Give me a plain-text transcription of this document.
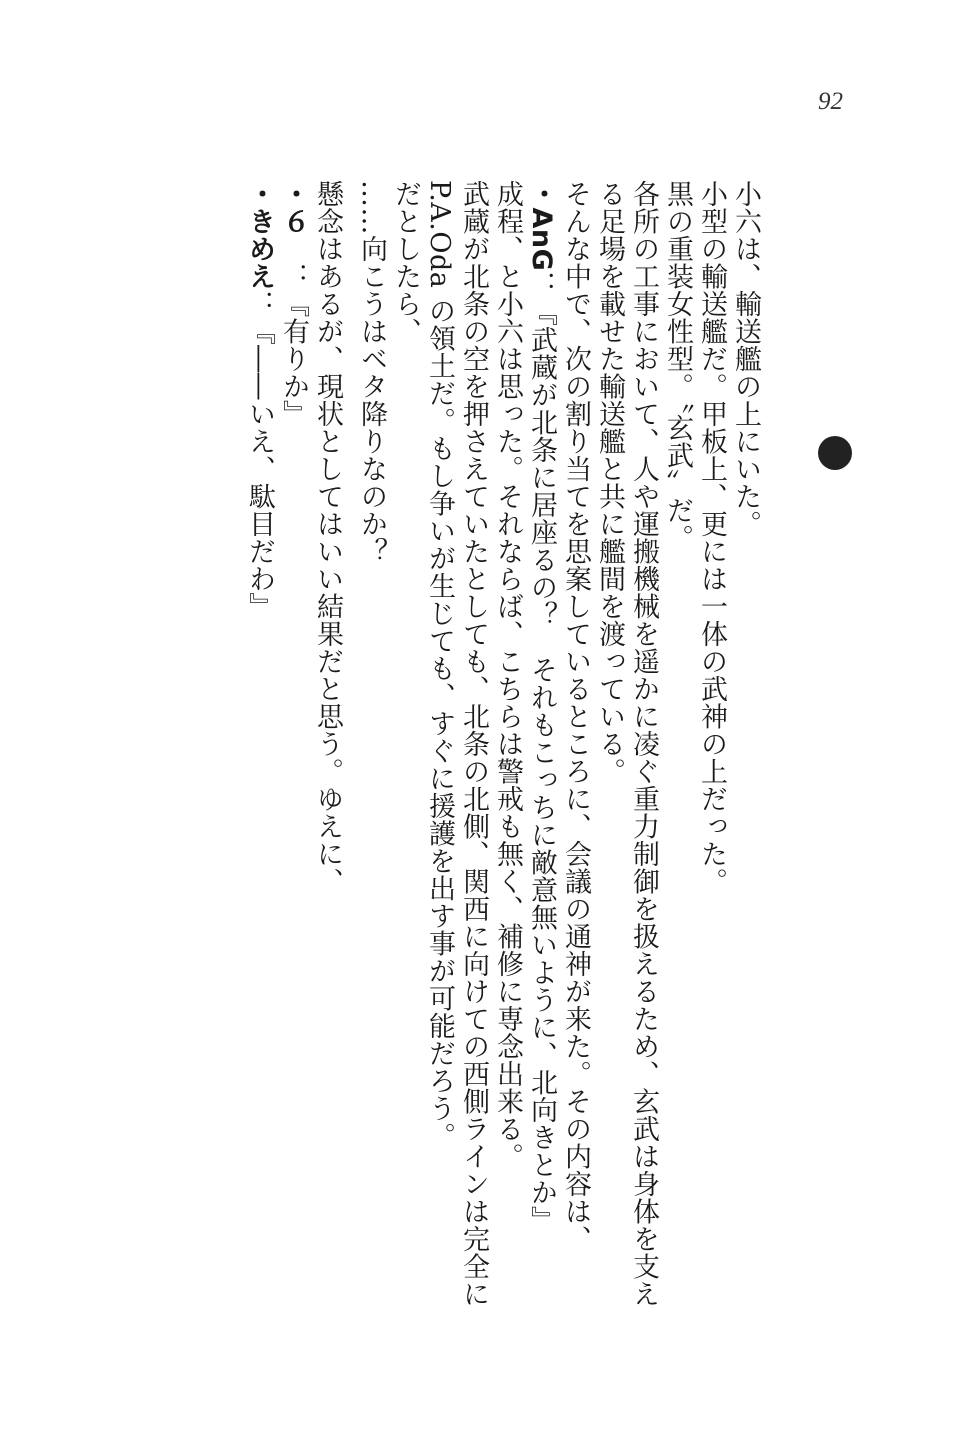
92
小六は、輸送艦の上にいた。
小型の輸送艦だ。甲板上、更には一体の武神の上だった。
黒の重装女性型。〝玄武〟だ。
各所の工事において、人や運搬機械を遥かに凌ぐ重力制御を扱えるため、玄武は身体を支え
る足場を載せた輸送艦と共に艦間を渡っている。
そんな中で、次の割り当てを思案しているところに、会議の通神が来た。その内容は、
・AnG：『武蔵が北条に居座るの？　それもこっちに敵意無いように、北向きとか』
成程、と小六は思った。それならば、こちらは警戒も無く、補修に専念出来る。
武蔵が北条の空を押さえていたとしても、北条の北側、関西に向けての西側ラインは完全に
P.A.Oda の領土だ。もし争いが生じても、すぐに援護を出す事が可能だろう。
だとしたら、
……向こうはベタ降りなのか？
懸念はあるが、現状としてはいい結果だと思う。ゆえに、
・６　：『有りか』
・きめえ：『――いえ、駄目だわ』
